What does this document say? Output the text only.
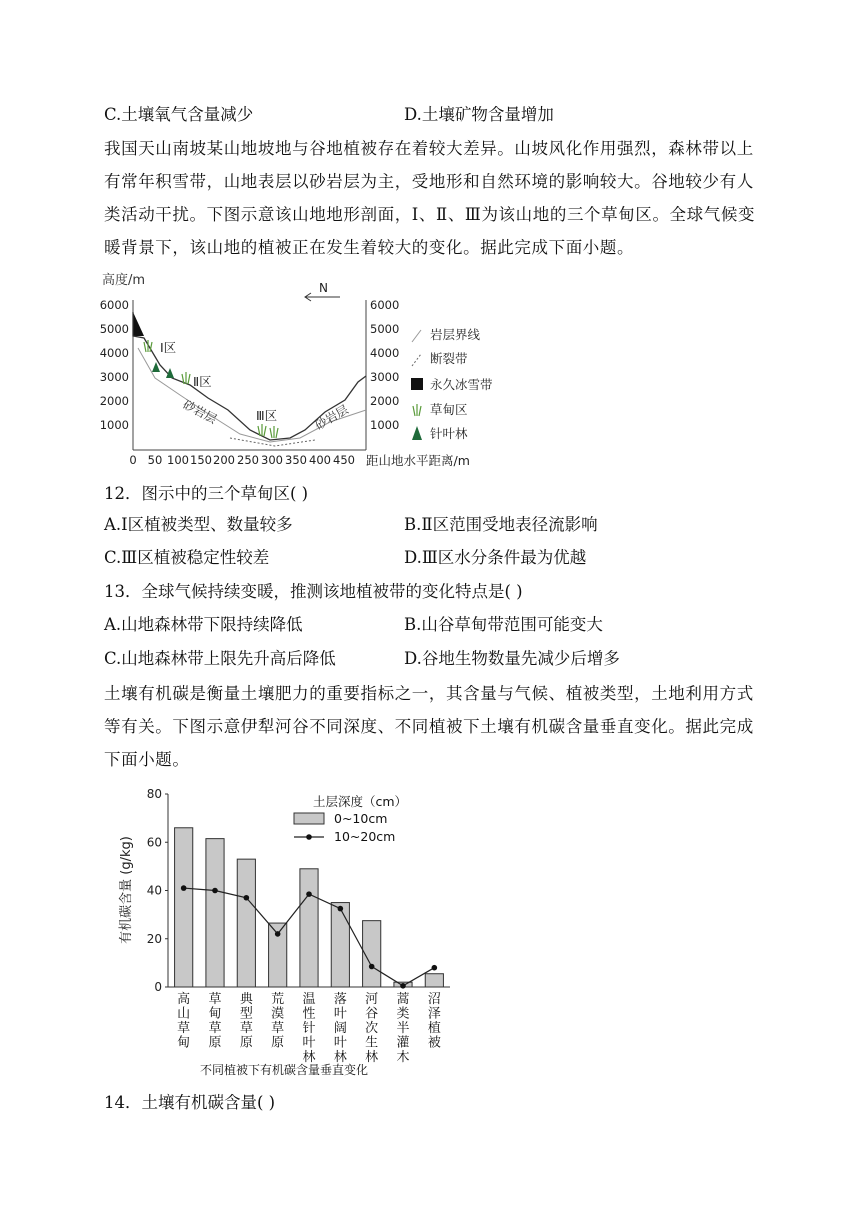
C.土壤氧气含量减少	D.土壤矿物含量增加
我国天山南坡某山地坡地与谷地植被存在着较大差异。山坡风化作用强烈，森林带以上有常年积雪带，山地表层以砂岩层为主，受地形和自然环境的影响较大。谷地较少有人类活动干扰。下图示意该山地地形剖面，Ⅰ、Ⅱ、Ⅲ为该山地的三个草甸区。全球气候变暖背景下，该山地的植被正在发生着较大的变化。据此完成下面小题。
高度/m
6000
5000
4000
3000
2000
1000
6000
5000
4000
3000
2000
1000
0 50 100 150 200 250 300 350 400 450 距山地水平距离/m
N
砂岩层	砂岩层
Ⅰ区
Ⅱ区
Ⅲ区
岩层界线
断裂带
永久冰雪带
草甸区
针叶林
12．图示中的三个草甸区( )
A.Ⅰ区植被类型、数量较多	B.Ⅱ区范围受地表径流影响
C.Ⅲ区植被稳定性较差	D.Ⅲ区水分条件最为优越
13．全球气候持续变暖，推测该地植被带的变化特点是( )
A.山地森林带下限持续降低	B.山谷草甸带范围可能变大
C.山地森林带上限先升高后降低	D.谷地生物数量先减少后增多
土壤有机碳是衡量土壤肥力的重要指标之一，其含量与气候、植被类型，土地利用方式等有关。下图示意伊犁河谷不同深度、不同植被下土壤有机碳含量垂直变化。据此完成下面小题。
0
20
40
60
80
有机碳含量 (g/kg)
高山草甸
草甸草原
典型草原
荒漠草原
温性针叶林
落叶阔叶林
河谷次生林
蒿类半灌木
沼泽植被
不同植被下有机碳含量垂直变化
土层深度（cm）
0~10cm
10~20cm
14．土壤有机碳含量( )
